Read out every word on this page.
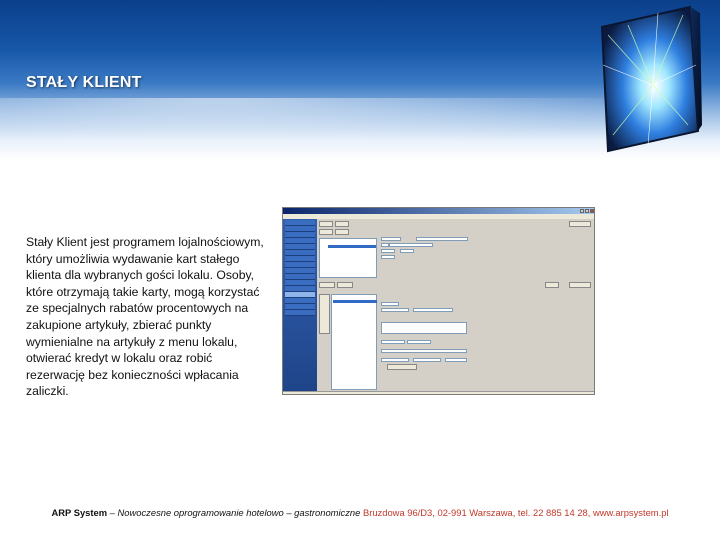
STAŁY KLIENT

Stały Klient jest programem lojalnościowym, który umożliwia wydawanie kart stałego klienta dla wybranych gości lokalu. Osoby, które otrzymają takie karty, mogą korzystać ze specjalnych rabatów procentowych na zakupione artykuły, zbierać punkty wymienialne na artykuły z menu lokalu, otwierać kredyt w lokalu oraz robić rezerwację bez konieczności wpłacania zaliczki.

ARP System – Nowoczesne oprogramowanie hotelowo – gastronomiczne Bruzdowa 96/D3, 02-991 Warszawa, tel. 22 885 14 28, www.arpsystem.pl
